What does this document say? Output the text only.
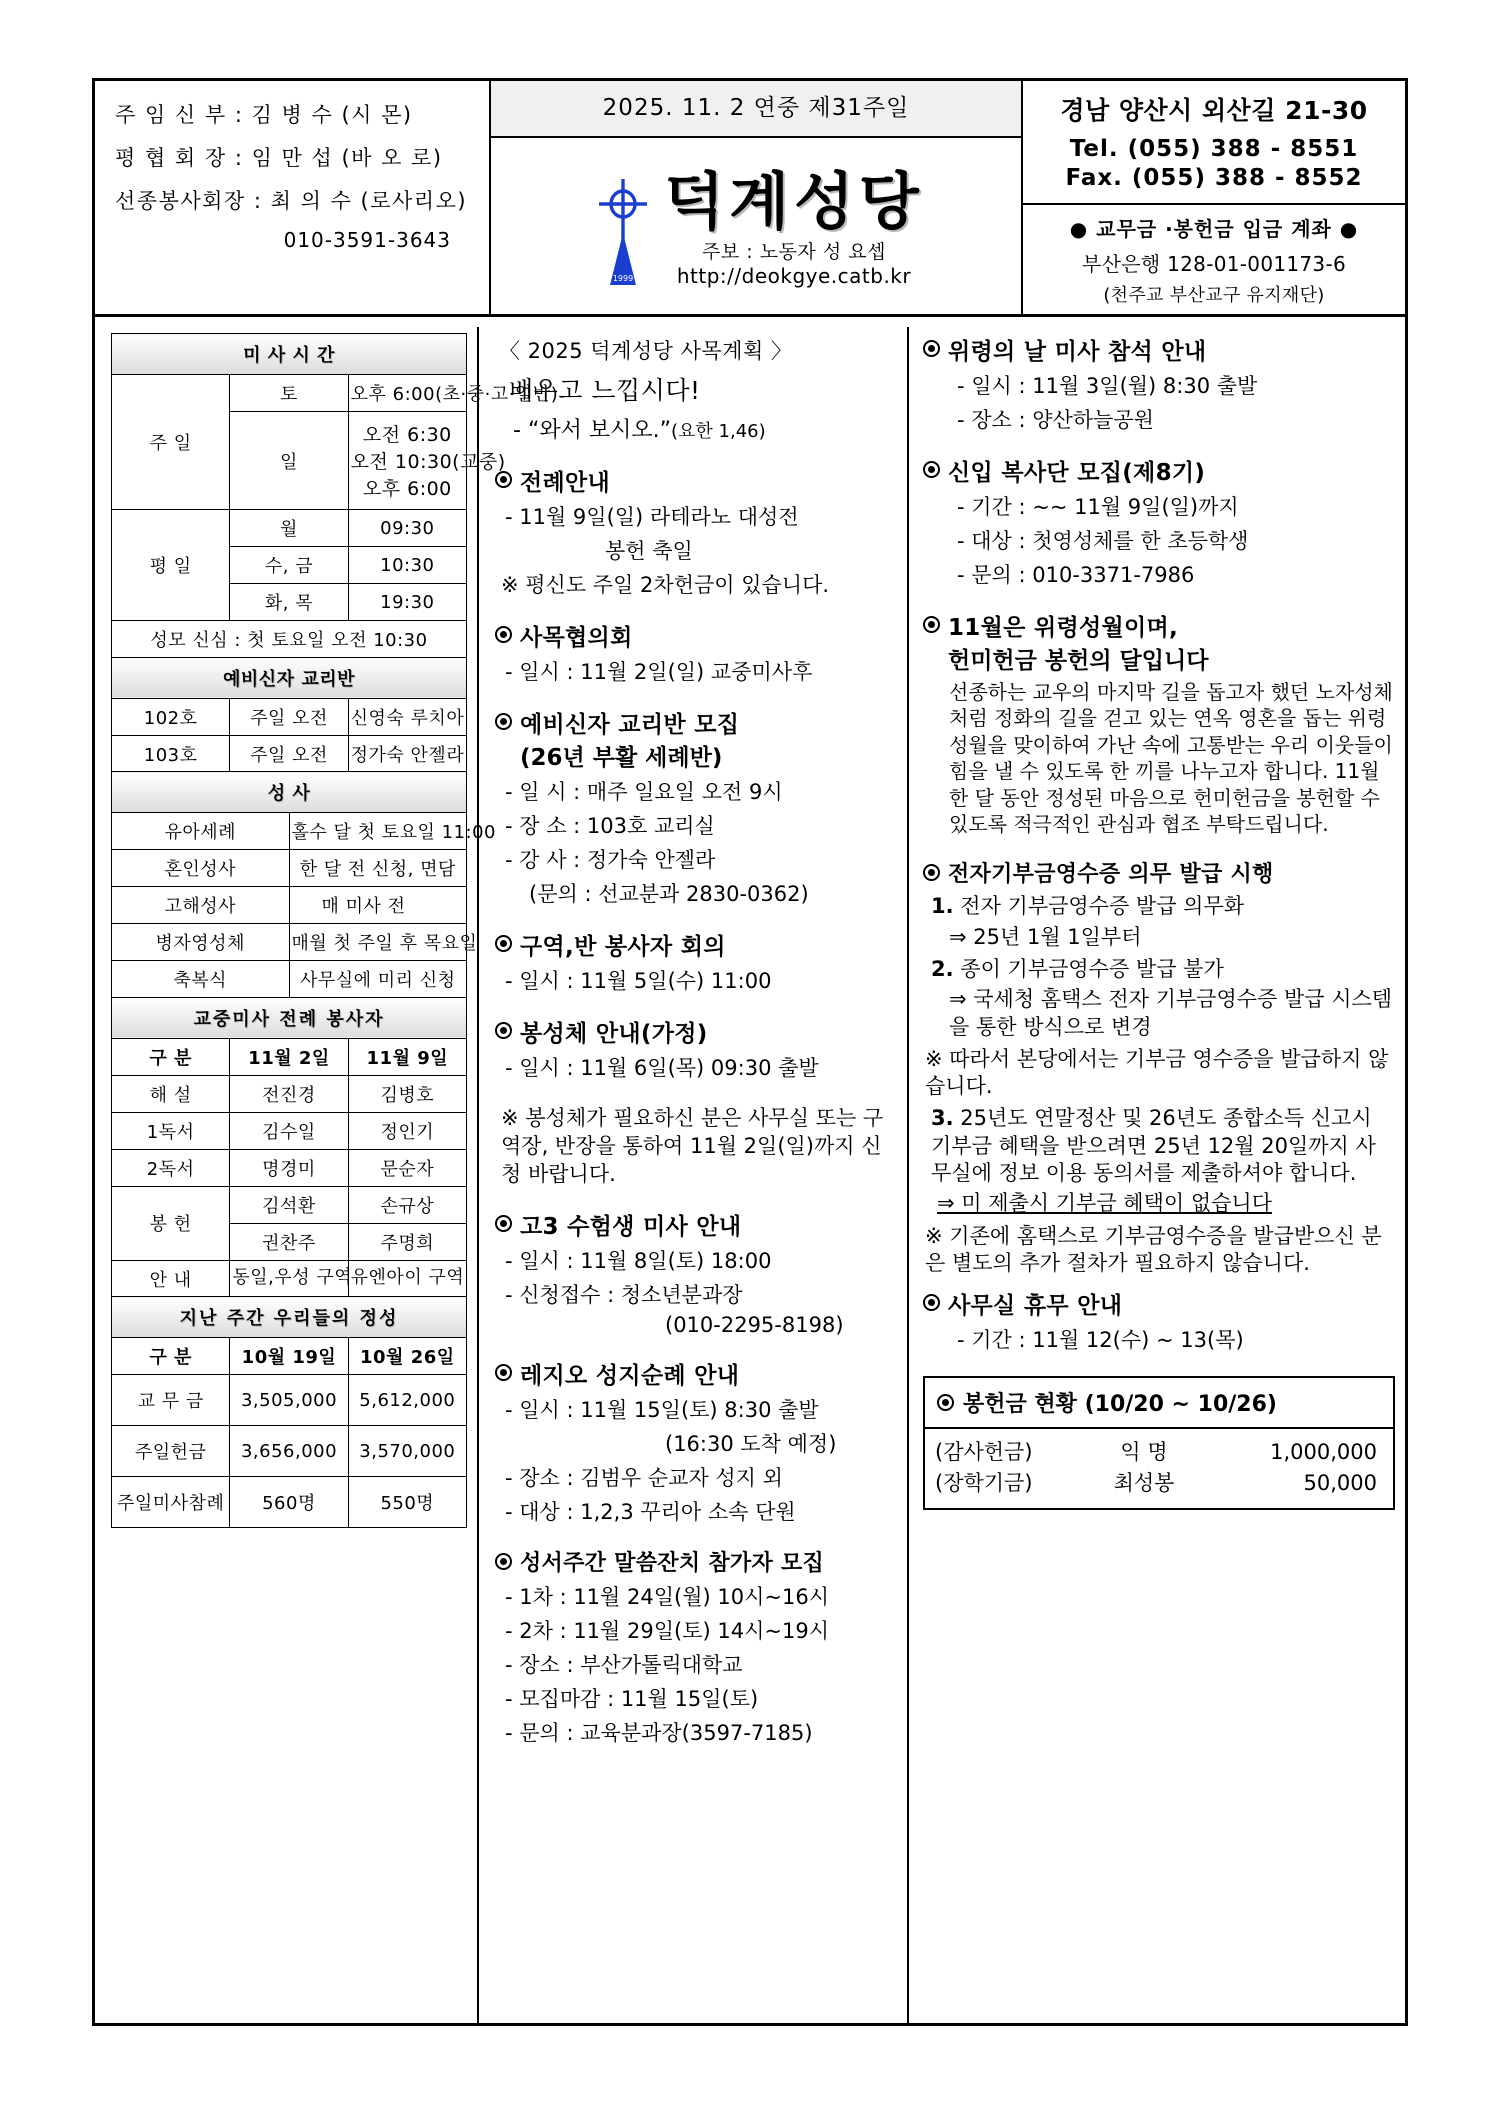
주 임 신 부 : 김 병 수 (시 몬)
평 협 회 장 : 임 만 섭 (바 오 로)
선종봉사회장 : 최 의 수 (로사리오)
010-3591-3643
2025. 11. 2 연중 제31주일
1999
덕계성당
주보 : 노동자 성 요셉
http://deokgye.catb.kr
경남 양산시 외산길 21-30
Tel. (055) 388 - 8551
Fax. (055) 388 - 8552
● 교무금 ·봉헌금 입금 계좌 ●
부산은행 128-01-001173-6
(천주교 부산교구 유지재단)
미 사 시 간		
주 일	토	오후 6:00(초·중·고·일반)
	일	오전 6:30
오전 10:30(교중)
오후 6:00

평 일	월	09:30
	수, 금	10:30
	화, 목	19:30
성모 신심 : 첫 토요일 오전 10:30		
예비신자 교리반		
102호	주일 오전	신영숙 루치아
103호	주일 오전	정가숙 안젤라
성 사	
유아세례	홀수 달 첫 토요일 11:00
혼인성사	한 달 전 신청, 면담
고해성사	매 미사 전
병자영성체	매월 첫 주일 후 목요일
축복식	사무실에 미리 신청
교중미사 전례 봉사자		
구 분	11월 2일	11월 9일
해 설	전진경	김병호
1독서	김수일	정인기
2독서	명경미	문순자
봉 헌	김석환	손규상
	권찬주	주명희
안 내	동일,우성 구역	유엔아이 구역
지난 주간 우리들의 정성		
구 분	10월 19일	10월 26일
교 무 금	3,505,000	5,612,000
주일헌금	3,656,000	3,570,000
주일미사참례	560명	550명
〈 2025 덕계성당 사목계획 〉
배우고 느낍시다!
- “와서 보시오.”(요한 1,46)
전례안내
- 11월 9일(일) 라테라노 대성전
봉헌 축일
※ 평신도 주일 2차헌금이 있습니다.
사목협의회
- 일시 : 11월 2일(일) 교중미사후
예비신자 교리반 모집
(26년 부활 세례반)
- 일 시 : 매주 일요일 오전 9시
- 장 소 : 103호 교리실
- 강 사 : 정가숙 안젤라
(문의 : 선교분과 2830-0362)
구역,반 봉사자 회의
- 일시 : 11월 5일(수) 11:00
봉성체 안내(가정)
- 일시 : 11월 6일(목) 09:30 출발
※ 봉성체가 필요하신 분은 사무실 또는 구역장, 반장을 통하여 11월 2일(일)까지 신청 바랍니다.
고3 수험생 미사 안내
- 일시 : 11월 8일(토) 18:00
- 신청접수 : 청소년분과장
(010-2295-8198)
레지오 성지순례 안내
- 일시 : 11월 15일(토) 8:30 출발
(16:30 도착 예정)
- 장소 : 김범우 순교자 성지 외
- 대상 : 1,2,3 꾸리아 소속 단원
성서주간 말씀잔치 참가자 모집
- 1차 : 11월 24일(월) 10시~16시
- 2차 : 11월 29일(토) 14시~19시
- 장소 : 부산가톨릭대학교
- 모집마감 : 11월 15일(토)
- 문의 : 교육분과장(3597-7185)
위령의 날 미사 참석 안내
- 일시 : 11월 3일(월) 8:30 출발
- 장소 : 양산하늘공원
신입 복사단 모집(제8기)
- 기간 : ~~ 11월 9일(일)까지
- 대상 : 첫영성체를 한 초등학생
- 문의 : 010-3371-7986
11월은 위령성월이며,
헌미헌금 봉헌의 달입니다
선종하는 교우의 마지막 길을 돕고자 했던 노자성체처럼 정화의 길을 걷고 있는 연옥 영혼을 돕는 위령성월을 맞이하여 가난 속에 고통받는 우리 이웃들이 힘을 낼 수 있도록 한 끼를 나누고자 합니다. 11월 한 달 동안 정성된 마음으로 헌미헌금을 봉헌할 수 있도록 적극적인 관심과 협조 부탁드립니다.
전자기부금영수증 의무 발급 시행
1. 전자 기부금영수증 발급 의무화
⇒ 25년 1월 1일부터
2. 종이 기부금영수증 발급 불가
⇒ 국세청 홈택스 전자 기부금영수증 발급 시스템을 통한 방식으로 변경
※ 따라서 본당에서는 기부금 영수증을 발급하지 않습니다.
3. 25년도 연말정산 및 26년도 종합소득 신고시 기부금 혜택을 받으려면 25년 12월 20일까지 사무실에 정보 이용 동의서를 제출하셔야 합니다.
⇒ 미 제출시 기부금 혜택이 없습니다
※ 기존에 홈택스로 기부금영수증을 발급받으신 분은 별도의 추가 절차가 필요하지 않습니다.
사무실 휴무 안내
- 기간 : 11월 12(수) ~ 13(목)
봉헌금 현황 (10/20 ~ 10/26)
(감사헌금)	익 명	1,000,000
(장학기금)	최성봉	50,000
